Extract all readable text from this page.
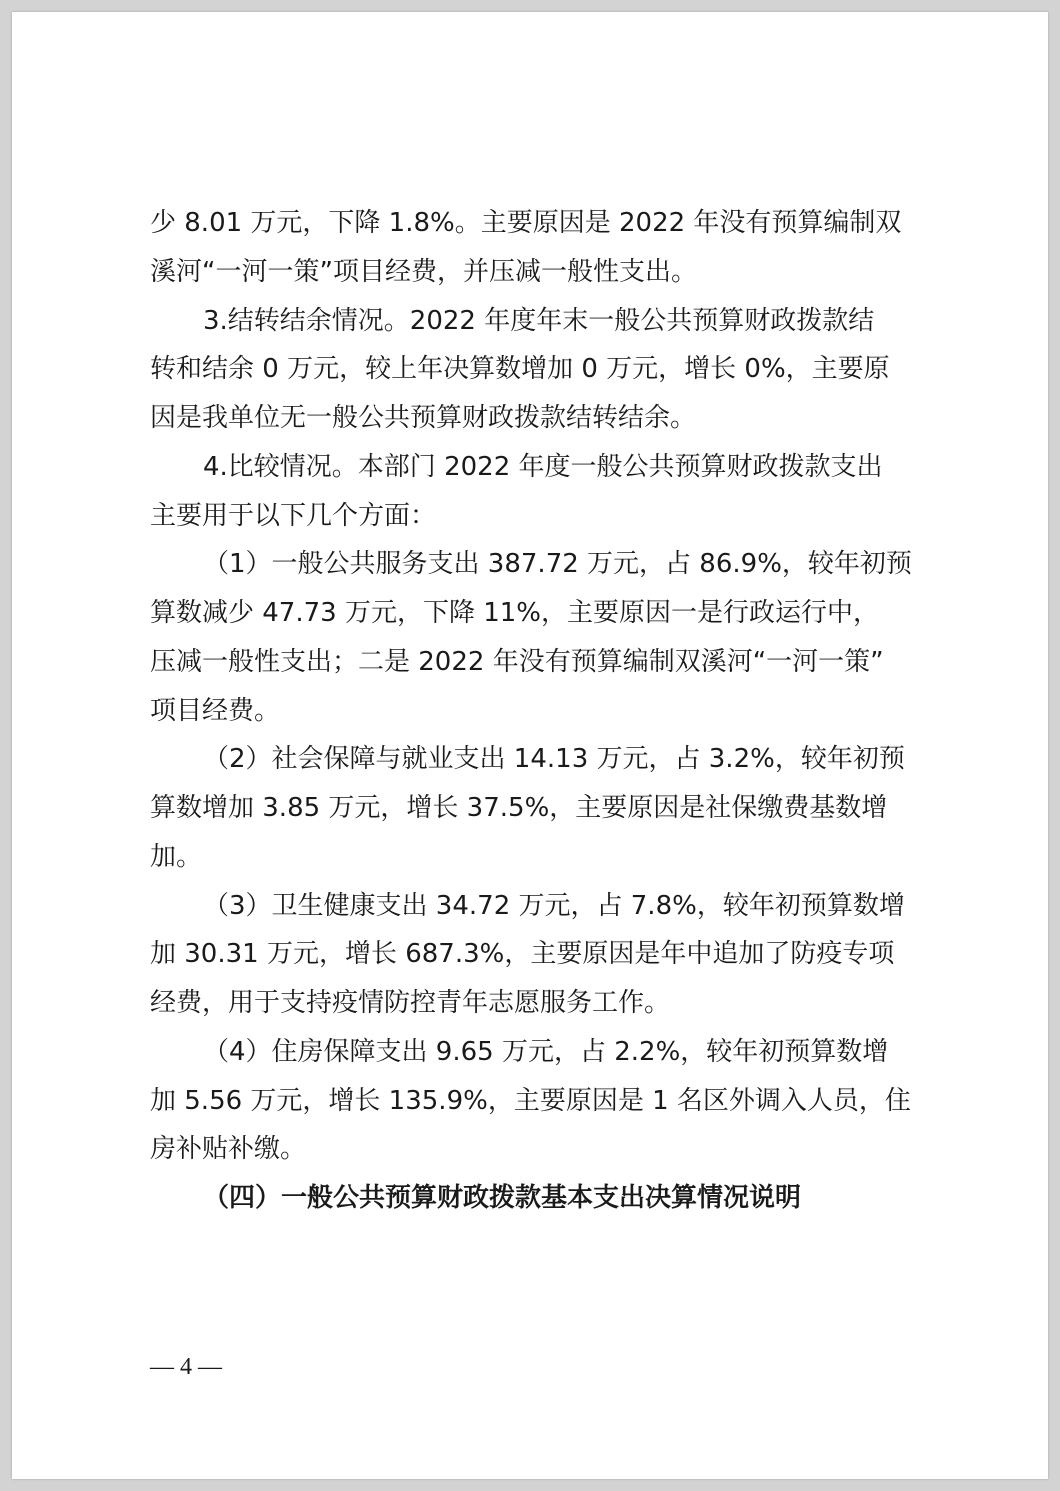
少 8.01 万元，下降 1.8%。主要原因是 2022 年没有预算编制双
溪河“一河一策”项目经费，并压减一般性支出。
3.结转结余情况。2022 年度年末一般公共预算财政拨款结
转和结余 0 万元，较上年决算数增加 0 万元，增长 0%，主要原
因是我单位无一般公共预算财政拨款结转结余。
4.比较情况。本部门 2022 年度一般公共预算财政拨款支出
主要用于以下几个方面：
（1）一般公共服务支出 387.72 万元，占 86.9%，较年初预
算数减少 47.73 万元，下降 11%，主要原因一是行政运行中，
压减一般性支出；二是 2022 年没有预算编制双溪河“一河一策”
项目经费。
（2）社会保障与就业支出 14.13 万元，占 3.2%，较年初预
算数增加 3.85 万元，增长 37.5%，主要原因是社保缴费基数增
加。
（3）卫生健康支出 34.72 万元，占 7.8%，较年初预算数增
加 30.31 万元，增长 687.3%，主要原因是年中追加了防疫专项
经费，用于支持疫情防控青年志愿服务工作。
（4）住房保障支出 9.65 万元，占 2.2%，较年初预算数增
加 5.56 万元，增长 135.9%，主要原因是 1 名区外调入人员，住
房补贴补缴。
（四）一般公共预算财政拨款基本支出决算情况说明
— 4 —
